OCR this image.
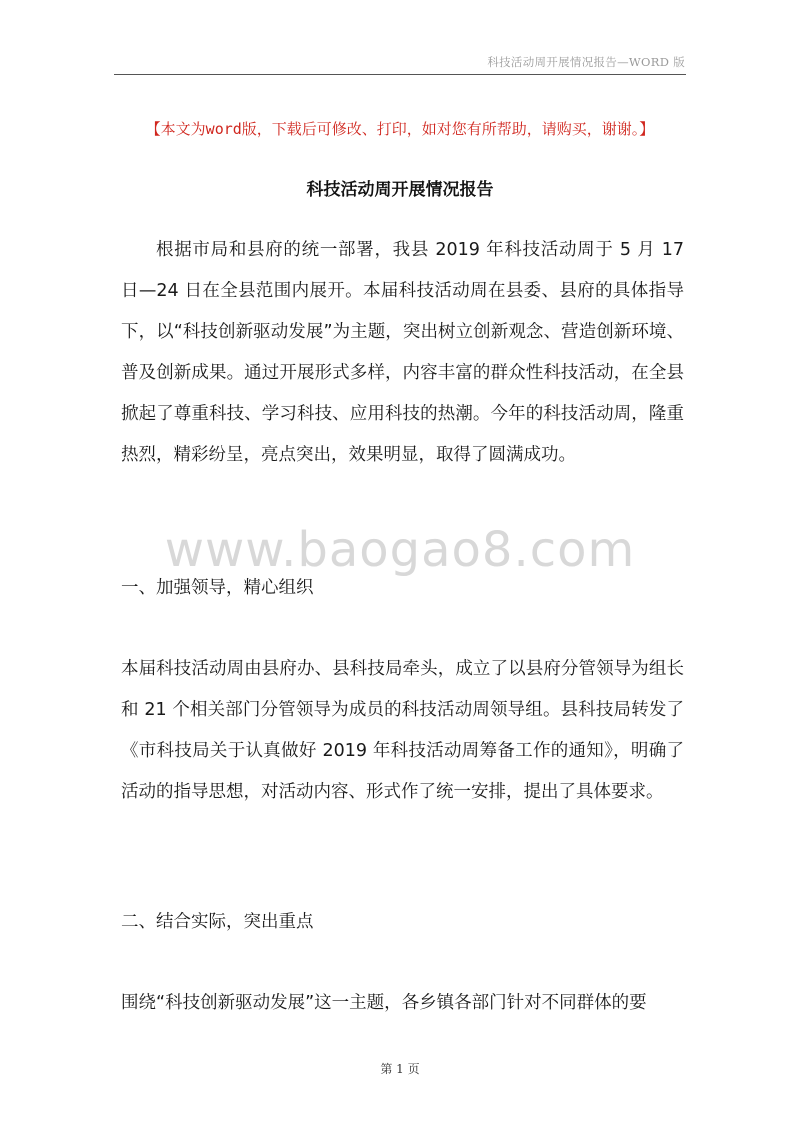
科技活动周开展情况报告—WORD 版
【本文为word版，下载后可修改、打印，如对您有所帮助，请购买，谢谢。】
科技活动周开展情况报告

根据市局和县府的统一部署，我县 2019 年科技活动周于 5 月 17 日—24 日在全县范围内展开。本届科技活动周在县委、县府的具体指导下，以“科技创新驱动发展”为主题，突出树立创新观念、营造创新环境、普及创新成果。通过开展形式多样，内容丰富的群众性科技活动，在全县掀起了尊重科技、学习科技、应用科技的热潮。今年的科技活动周，隆重热烈，精彩纷呈，亮点突出，效果明显，取得了圆满成功。

www.baogao8.com

一、加强领导，精心组织

本届科技活动周由县府办、县科技局牵头，成立了以县府分管领导为组长和 21 个相关部门分管领导为成员的科技活动周领导组。县科技局转发了《市科技局关于认真做好 2019 年科技活动周筹备工作的通知》，明确了活动的指导思想，对活动内容、形式作了统一安排，提出了具体要求。

二、结合实际，突出重点

围绕“科技创新驱动发展”这一主题，各乡镇各部门针对不同群体的要

第 1 页
